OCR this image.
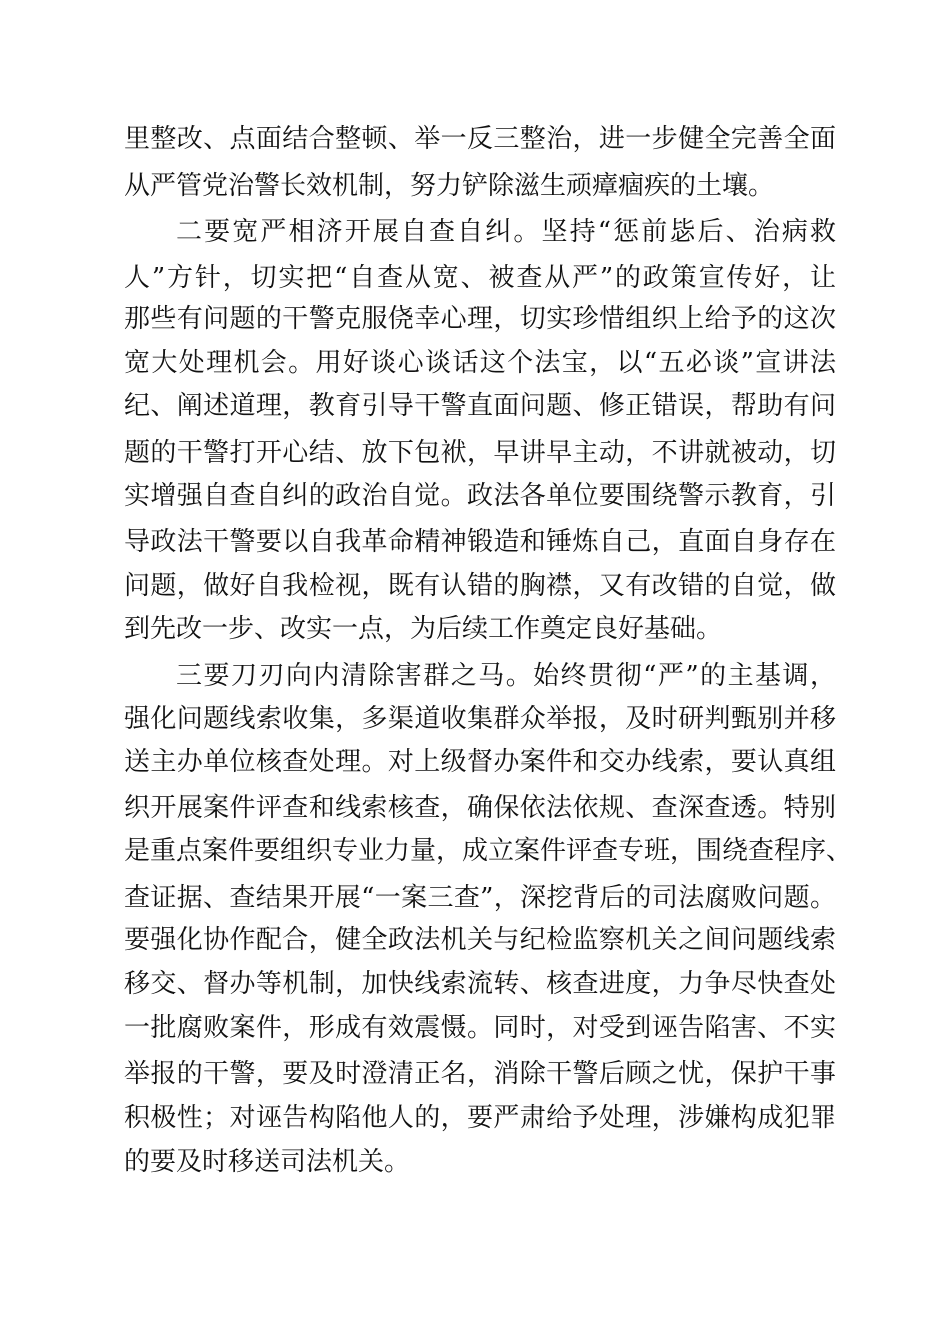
里整改、点面结合整顿、举一反三整治，进一步健全完善全面
从严管党治警长效机制，努力铲除滋生顽瘴痼疾的土壤。
二要宽严相济开展自查自纠。坚持“惩前毖后、治病救
人”方针，切实把“自查从宽、被查从严”的政策宣传好，让
那些有问题的干警克服侥幸心理，切实珍惜组织上给予的这次
宽大处理机会。用好谈心谈话这个法宝，以“五必谈”宣讲法
纪、阐述道理，教育引导干警直面问题、修正错误，帮助有问
题的干警打开心结、放下包袱，早讲早主动，不讲就被动，切
实增强自查自纠的政治自觉。政法各单位要围绕警示教育，引
导政法干警要以自我革命精神锻造和锤炼自己，直面自身存在
问题，做好自我检视，既有认错的胸襟，又有改错的自觉，做
到先改一步、改实一点，为后续工作奠定良好基础。
三要刀刃向内清除害群之马。始终贯彻“严”的主基调，
强化问题线索收集，多渠道收集群众举报，及时研判甄别并移
送主办单位核查处理。对上级督办案件和交办线索，要认真组
织开展案件评查和线索核查，确保依法依规、查深查透。特别
是重点案件要组织专业力量，成立案件评查专班，围绕查程序、
查证据、查结果开展“一案三查”，深挖背后的司法腐败问题。
要强化协作配合，健全政法机关与纪检监察机关之间问题线索
移交、督办等机制，加快线索流转、核查进度，力争尽快查处
一批腐败案件，形成有效震慑。同时，对受到诬告陷害、不实
举报的干警，要及时澄清正名，消除干警后顾之忧，保护干事
积极性；对诬告构陷他人的，要严肃给予处理，涉嫌构成犯罪
的要及时移送司法机关。
